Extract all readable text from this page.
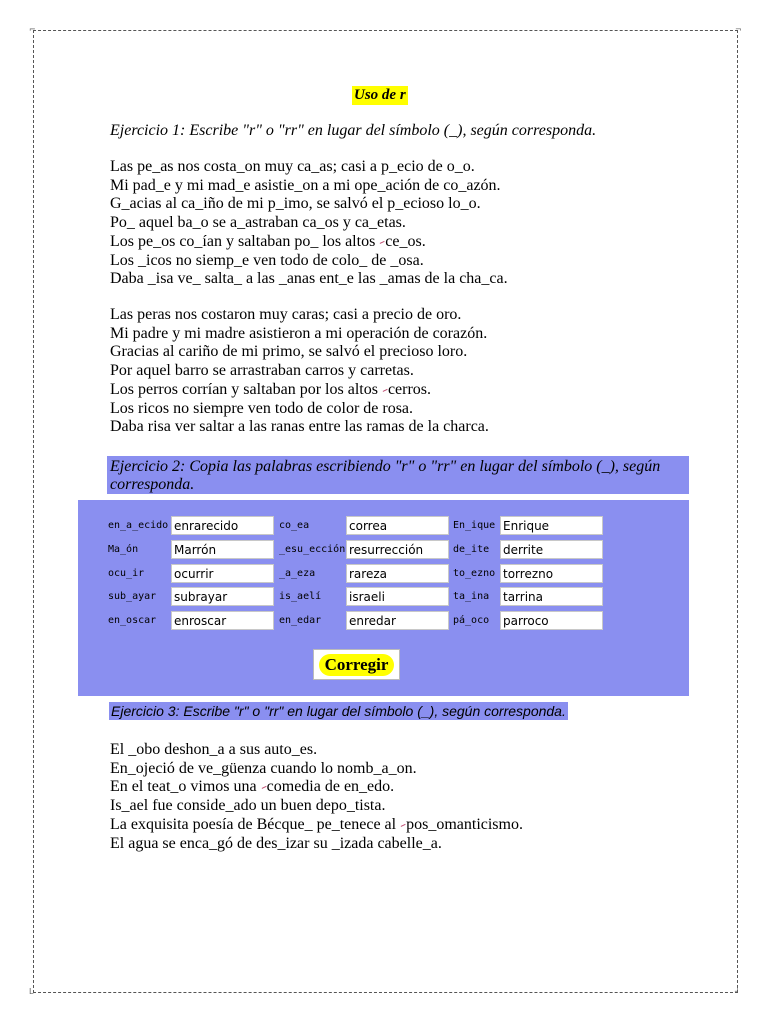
⌐	¬
L	┘
Uso de r
Ejercicio 1: Escribe "r" o "rr" en lugar del símbolo (_), según corresponda.
Las pe_as nos costa_on muy ca_as; casi a p_ecio de o_o.
Mi pad_e y mi mad_e asistie_on a mi ope_ación de co_azón.
G_acias al ca_iño de mi p_imo, se salvó el p_ecioso lo_o.
Po_ aquel ba_o se a_astraban ca_os y ca_etas.
Los pe_os co_ían y saltaban po_ los altos ce_os.
Los _icos no siemp_e ven todo de colo_ de _osa.
Daba _isa ve_ salta_ a las _anas ent_e las _amas de la cha_ca.
Las peras nos costaron muy caras; casi a precio de oro.
Mi padre y mi madre asistieron a mi operación de corazón.
Gracias al cariño de mi primo, se salvó el precioso loro.
Por aquel barro se arrastraban carros y carretas.
Los perros corrían y saltaban por los altos cerros.
Los ricos no siempre ven todo de color de rosa.
Daba risa ver saltar a las ranas entre las ramas de la charca.
Ejercicio 2: Copia las palabras escribiendo "r" o "rr" en lugar del símbolo (_), según corresponda.
en_a_ecido enrarecido	co_ea	correa	En_ique Enrique
Ma_ón	Marrón	_esu_ección resurrección	de_ite derrite
ocu_ir ocurrir	_a_eza	rareza	to_ezno torrezno
sub_ayar subrayar	is_aelí israeli	ta_ina tarrina
en_oscar enroscar	en_edar enredar	pá_oco parroco
Corregir
Ejercicio 3: Escribe "r" o "rr" en lugar del símbolo (_), según corresponda.
El _obo deshon_a a sus auto_es.
En_ojeció de ve_güenza cuando lo nomb_a_on.
En el teat_o vimos una comedia de en_edo.
Is_ael fue conside_ado un buen depo_tista.
La exquisita poesía de Bécque_ pe_tenece al pos_omanticismo.
El agua se enca_gó de des_izar su _izada cabelle_a.
